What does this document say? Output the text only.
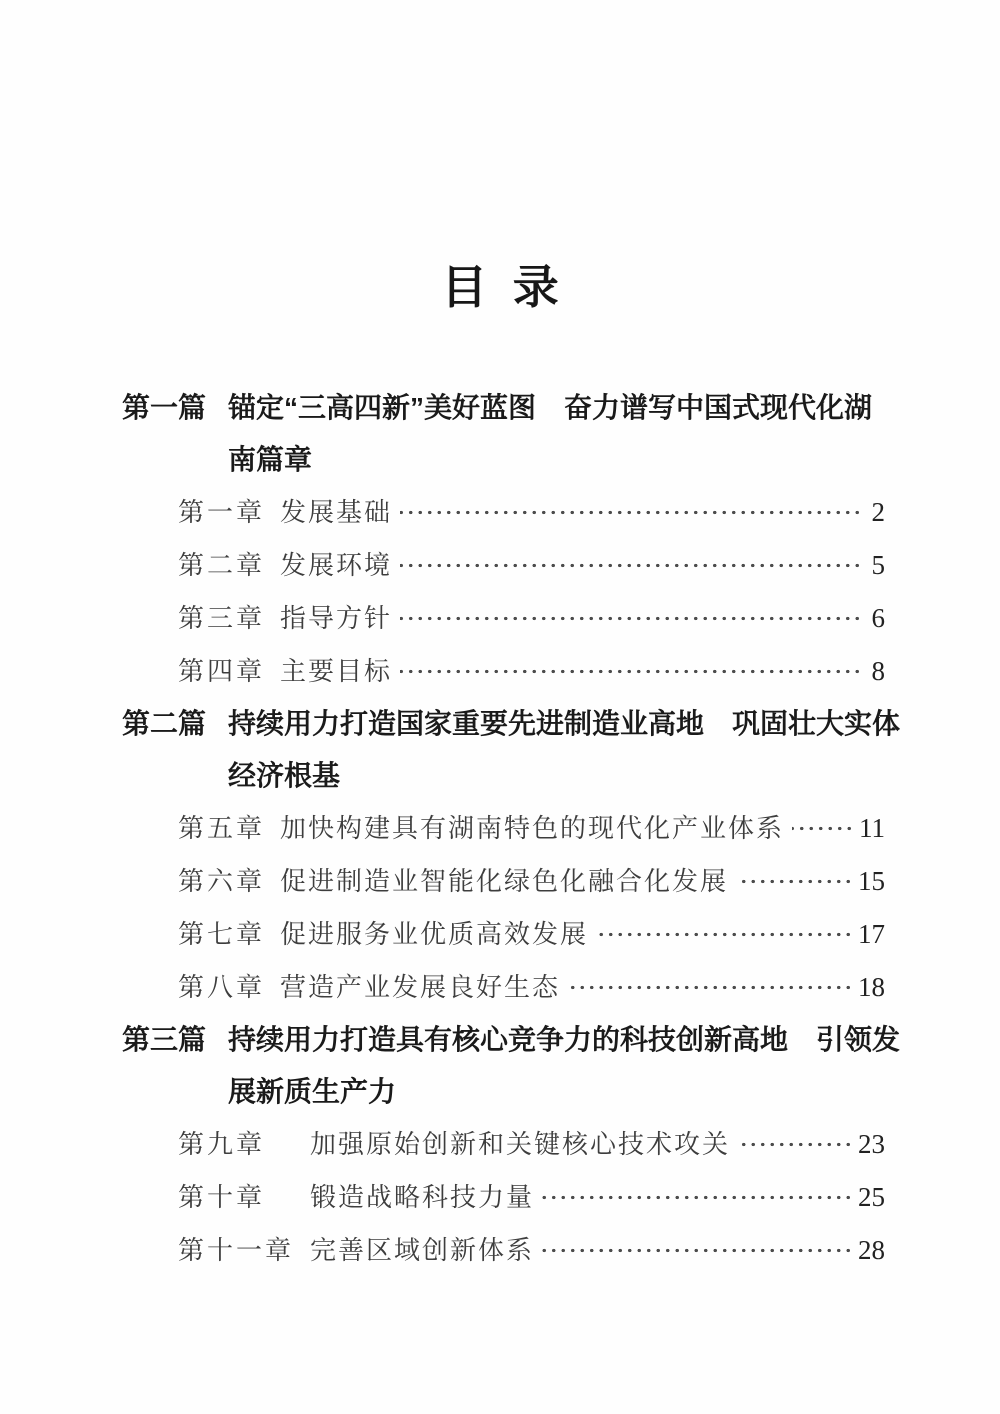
目  录
第一篇 锚定“三高四新”美好蓝图　奋力谱写中国式现代化湖
南篇章
第一章 发展基础	2
第二章 发展环境	5
第三章 指导方针	6
第四章 主要目标	8
第二篇 持续用力打造国家重要先进制造业高地　巩固壮大实体
经济根基
第五章 加快构建具有湖南特色的现代化产业体系	11
第六章 促进制造业智能化绿色化融合化发展	15
第七章 促进服务业优质高效发展	17
第八章 营造产业发展良好生态	18
第三篇 持续用力打造具有核心竞争力的科技创新高地　引领发
展新质生产力
第九章	加强原始创新和关键核心技术攻关	23
第十章	锻造战略科技力量	25
第十一章 完善区域创新体系	28
